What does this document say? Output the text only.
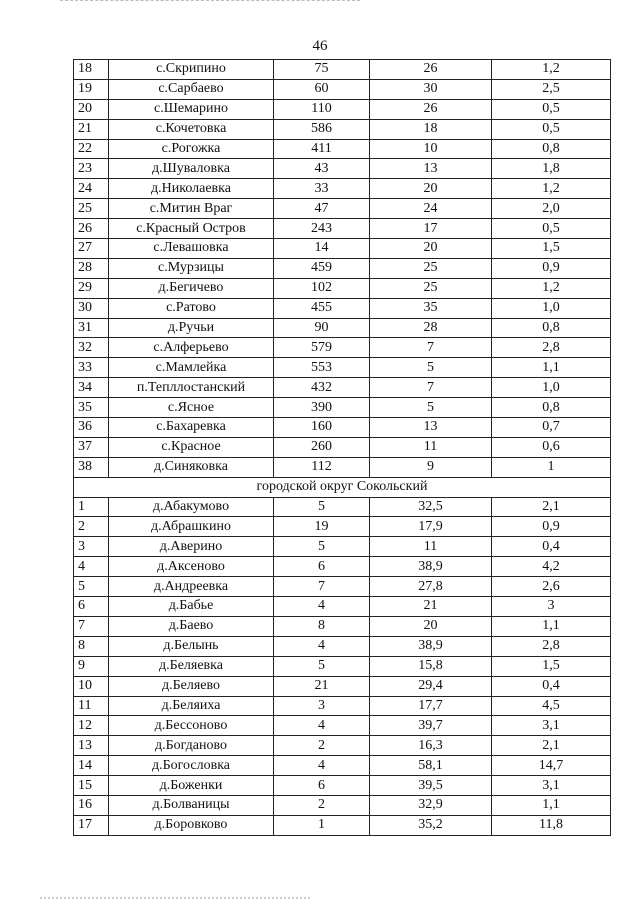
46
18	с.Скрипино	75	26	1,2
19	с.Сарбаево	60	30	2,5
20	с.Шемарино	110	26	0,5
21	с.Кочетовка	586	18	0,5
22	с.Рогожка	411	10	0,8
23	д.Шуваловка	43	13	1,8
24	д.Николаевка	33	20	1,2
25	с.Митин Враг	47	24	2,0
26	с.Красный Остров	243	17	0,5
27	с.Левашовка	14	20	1,5
28	с.Мурзицы	459	25	0,9
29	д.Бегичево	102	25	1,2
30	с.Ратово	455	35	1,0
31	д.Ручьи	90	28	0,8
32	с.Алферьево	579	7	2,8
33	с.Мамлейка	553	5	1,1
34	п.Тепллостанский	432	7	1,0
35	с.Ясное	390	5	0,8
36	с.Бахаревка	160	13	0,7
37	с.Красное	260	11	0,6
38	д.Синяковка	112	9	1
городской округ Сокольский				
1	д.Абакумово	5	32,5	2,1
2	д.Абрашкино	19	17,9	0,9
3	д.Аверино	5	11	0,4
4	д.Аксеново	6	38,9	4,2
5	д.Андреевка	7	27,8	2,6
6	д.Бабье	4	21	3
7	д.Баево	8	20	1,1
8	д.Белынь	4	38,9	2,8
9	д.Беляевка	5	15,8	1,5
10	д.Беляево	21	29,4	0,4
11	д.Беляиха	3	17,7	4,5
12	д.Бессоново	4	39,7	3,1
13	д.Богданово	2	16,3	2,1
14	д.Богословка	4	58,1	14,7
15	д.Боженки	6	39,5	3,1
16	д.Болваницы	2	32,9	1,1
17	д.Боровково	1	35,2	11,8
